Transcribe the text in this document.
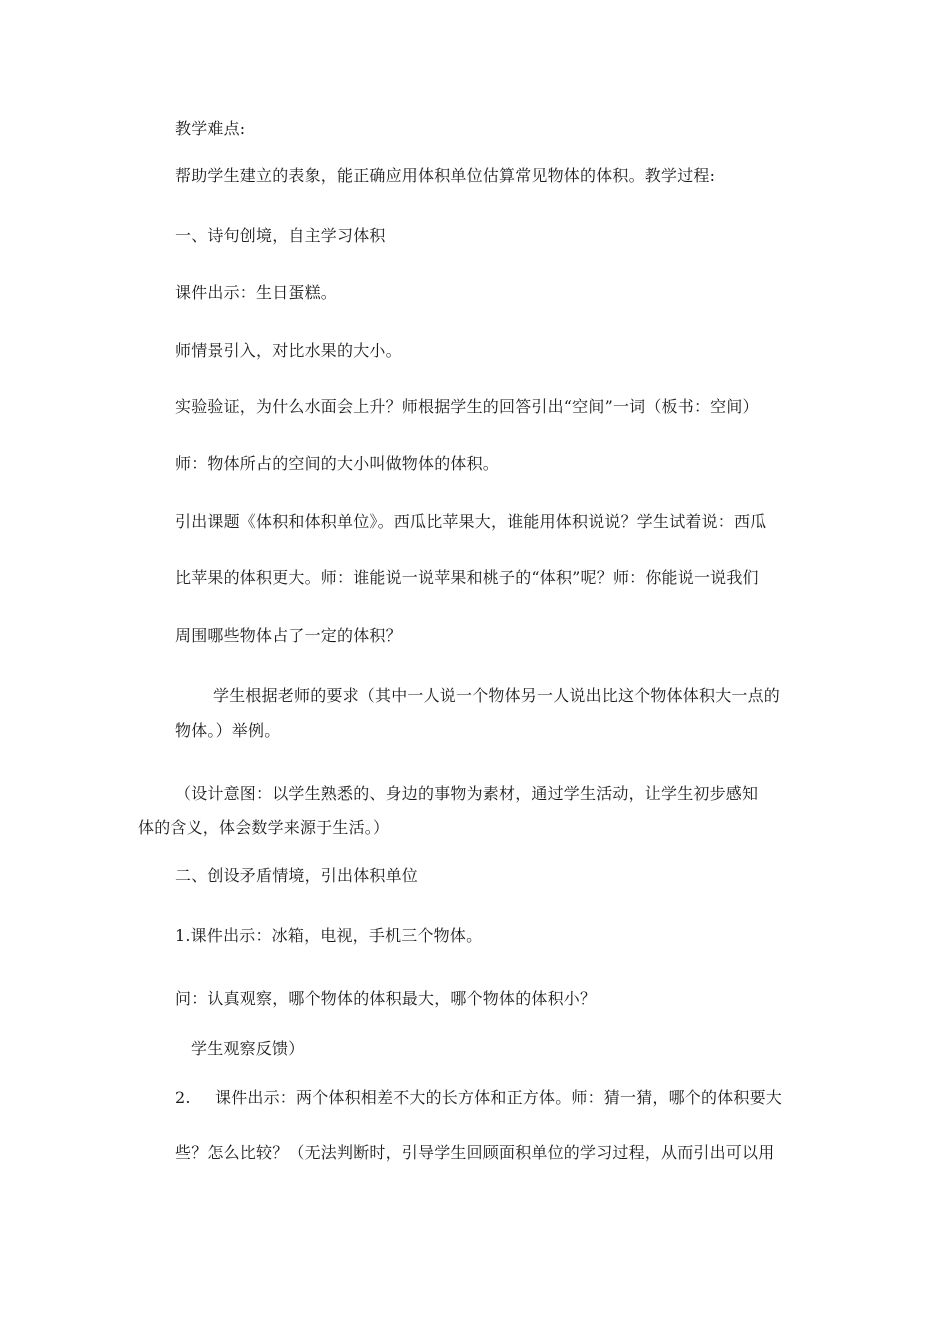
教学难点:
帮助学生建立的表象，能正确应用体积单位估算常见物体的体积。教学过程:
一、诗句创境，自主学习体积
课件出示：生日蛋糕。
师情景引入，对比水果的大小。
实验验证，为什么水面会上升？师根据学生的回答引出“空间”一词（板书：空间）
师：物体所占的空间的大小叫做物体的体积。
引出课题《体积和体积单位》。西瓜比苹果大，谁能用体积说说？学生试着说：西瓜
比苹果的体积更大。师：谁能说一说苹果和桃子的“体积”呢？师：你能说一说我们
周围哪些物体占了一定的体积？
学生根据老师的要求（其中一人说一个物体另一人说出比这个物体体积大一点的
物体。）举例。
（设计意图：以学生熟悉的、身边的事物为素材，通过学生活动，让学生初步感知
体的含义，体会数学来源于生活。）
二、创设矛盾情境，引出体积单位
1.课件出示：冰箱，电视，手机三个物体。
问：认真观察，哪个物体的体积最大，哪个物体的体积小？
学生观察反馈）
2. 课件出示：两个体积相差不大的长方体和正方体。师：猜一猜，哪个的体积要大
些？怎么比较？（无法判断时，引导学生回顾面积单位的学习过程，从而引出可以用
